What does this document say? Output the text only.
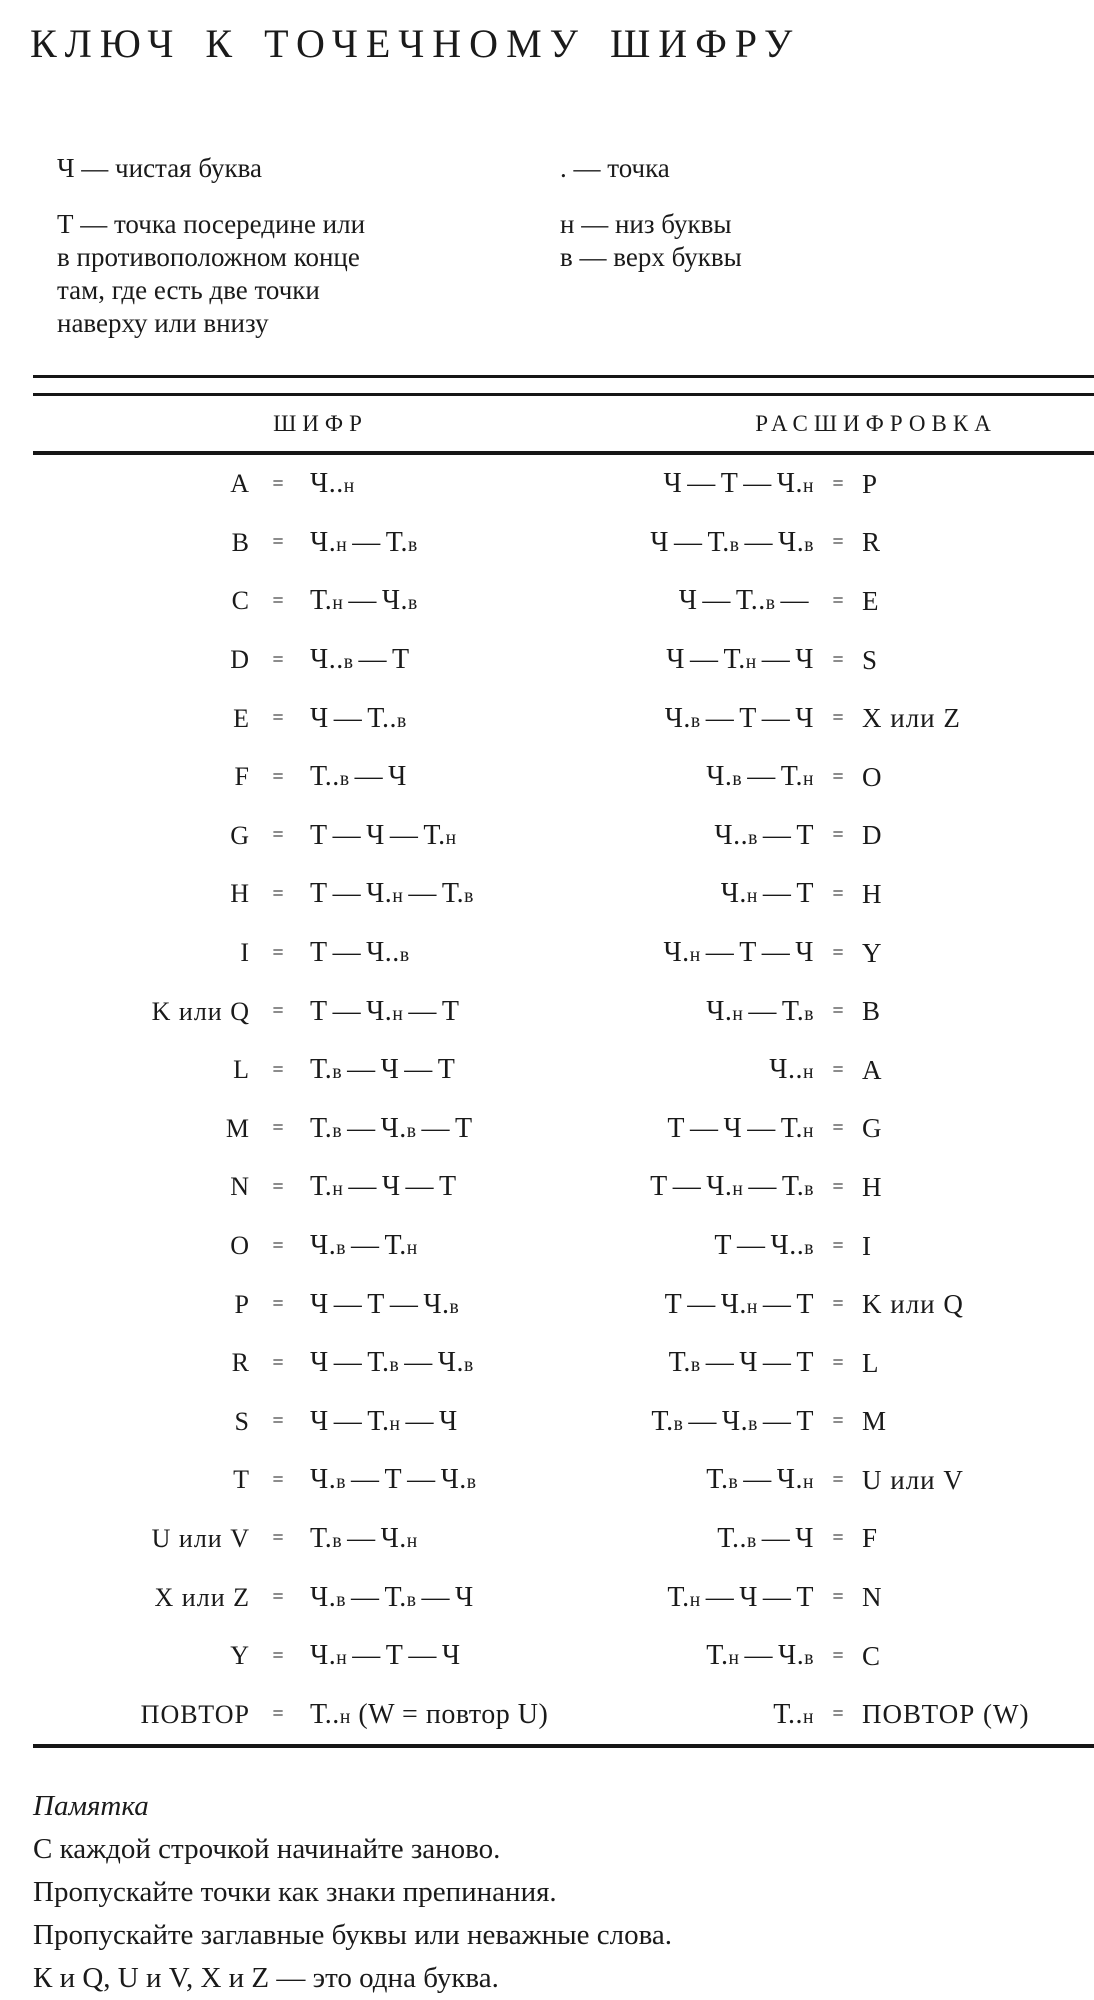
КЛЮЧ К ТОЧЕЧНОМУ ШИФРУ
Ч — чистая буква
Т — точка посередине или
в противоположном конце
там, где есть две точки
наверху или внизу
. — точка
н — низ буквы
в — верх буквы
ШИФР	РАСШИФРОВКА
A	= Ч..н	Ч — Т — Ч.н = P
B	= Ч.н — Т.в	Ч — Т.в — Ч.в = R
C	= Т.н — Ч.в	Ч — Т..в —	= E
D	= Ч..в — Т	Ч — Т.н — Ч = S
E	= Ч — Т..в	Ч.в — Т — Ч = X или Z
F	= Т..в — Ч	Ч.в — Т.н = O
G	= Т — Ч — Т.н	Ч..в — Т = D
H	= Т — Ч.н — Т.в	Ч.н — Т = H
I	= Т — Ч..в	Ч.н — Т — Ч = Y
K или Q	= Т — Ч.н — Т	Ч.н — Т.в = B
L	= Т.в — Ч — Т	Ч..н = A
M	= Т.в — Ч.в — Т	Т — Ч — Т.н = G
N	= Т.н — Ч — Т	Т — Ч.н — Т.в = H
O	= Ч.в — Т.н	Т — Ч..в = I
P	= Ч — Т — Ч.в	Т — Ч.н — Т = K или Q
R	= Ч — Т.в — Ч.в	Т.в — Ч — Т = L
S	= Ч — Т.н — Ч	Т.в — Ч.в — Т = M
T	= Ч.в — Т — Ч.в	Т.в — Ч.н = U или V
U или V	= Т.в — Ч.н	Т..в — Ч = F
X или Z	= Ч.в — Т.в — Ч	Т.н — Ч — Т = N
Y	= Ч.н — Т — Ч	Т.н — Ч.в = C
ПОВТОР	= Т..н (W = повтор U)	Т..н = ПОВТОР (W)
Памятка
С каждой строчкой начинайте заново.
Пропускайте точки как знаки препинания.
Пропускайте заглавные буквы или неважные слова.
К и Q, U и V, X и Z — это одна буква.
